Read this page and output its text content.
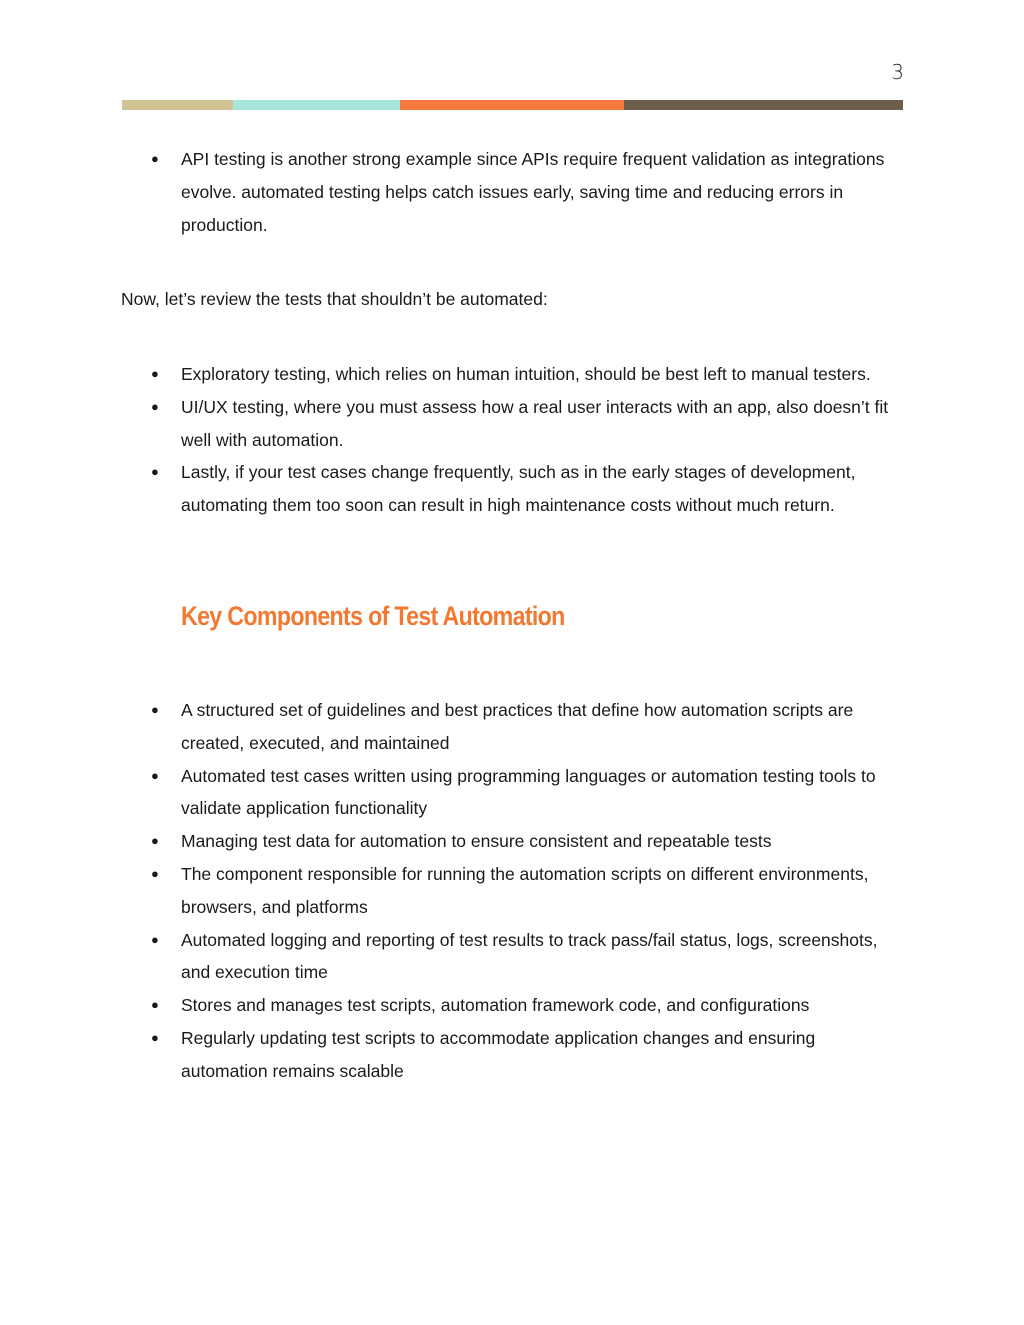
3
● API testing is another strong example since APIs require frequent validation as integrations evolve. automated testing helps catch issues early, saving time and reducing errors in production.

Now, let’s review the tests that shouldn’t be automated:

● Exploratory testing, which relies on human intuition, should be best left to manual testers.
● UI/UX testing, where you must assess how a real user interacts with an app, also doesn’t fit well with automation.
● Lastly, if your test cases change frequently, such as in the early stages of development, automating them too soon can result in high maintenance costs without much return.
Key Components of Test Automation
● A structured set of guidelines and best practices that define how automation scripts are created, executed, and maintained
● Automated test cases written using programming languages or automation testing tools to validate application functionality
● Managing test data for automation to ensure consistent and repeatable tests
● The component responsible for running the automation scripts on different environments, browsers, and platforms
● Automated logging and reporting of test results to track pass/fail status, logs, screenshots, and execution time
● Stores and manages test scripts, automation framework code, and configurations
● Regularly updating test scripts to accommodate application changes and ensuring automation remains scalable
